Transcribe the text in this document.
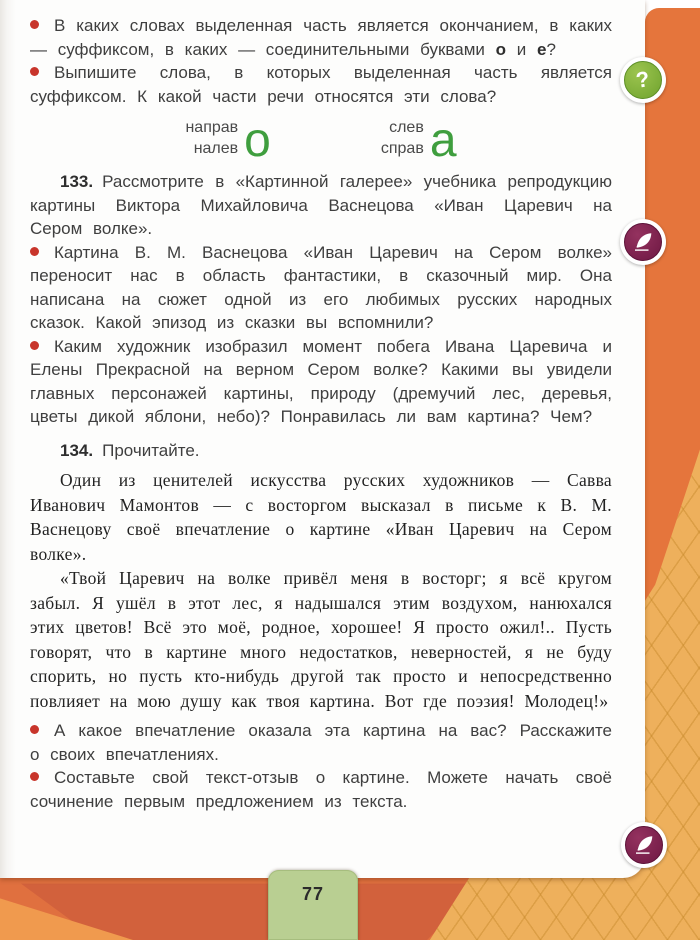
В каких словах выделенная часть является окончанием, в каких — суффиксом, в каких — соединительными буквами о и е?

Выпишите слова, в которых выделенная часть является суффиксом. К какой части речи относятся эти слова?

направ
налев о	слев
справ а

133. Рассмотрите в «Картинной галерее» учебника репродукцию картины Виктора Михайловича Васнецова «Иван Царевич на Сером волке».

Картина В. М. Васнецова «Иван Царевич на Сером волке» переносит нас в область фантастики, в сказочный мир. Она написана на сюжет одной из его любимых русских народных сказок. Какой эпизод из сказки вы вспомнили?

Каким художник изобразил момент побега Ивана Царевича и Елены Прекрасной на верном Сером волке? Какими вы увидели главных персонажей картины, природу (дремучий лес, деревья, цветы дикой яблони, небо)? Понравилась ли вам картина? Чем?

134. Прочитайте.

Один из ценителей искусства русских художников — Савва Иванович Мамонтов — с восторгом высказал в письме к В. М. Васнецову своё впечатление о картине «Иван Царевич на Сером волке».

«Твой Царевич на волке привёл меня в восторг; я всё кругом забыл. Я ушёл в этот лес, я надышался этим воздухом, нанюхался этих цветов! Всё это моё, родное, хорошее! Я просто ожил!.. Пусть говорят, что в картине много недостатков, неверностей, я не буду спорить, но пусть кто-нибудь другой так просто и непосредственно повлияет на мою душу как твоя картина. Вот где поэзия! Молодец!»

А какое впечатление оказала эта картина на вас? Расскажите о своих впечатлениях.

Составьте свой текст-отзыв о картине. Можете начать своё сочинение первым предложением из текста.

?
77
